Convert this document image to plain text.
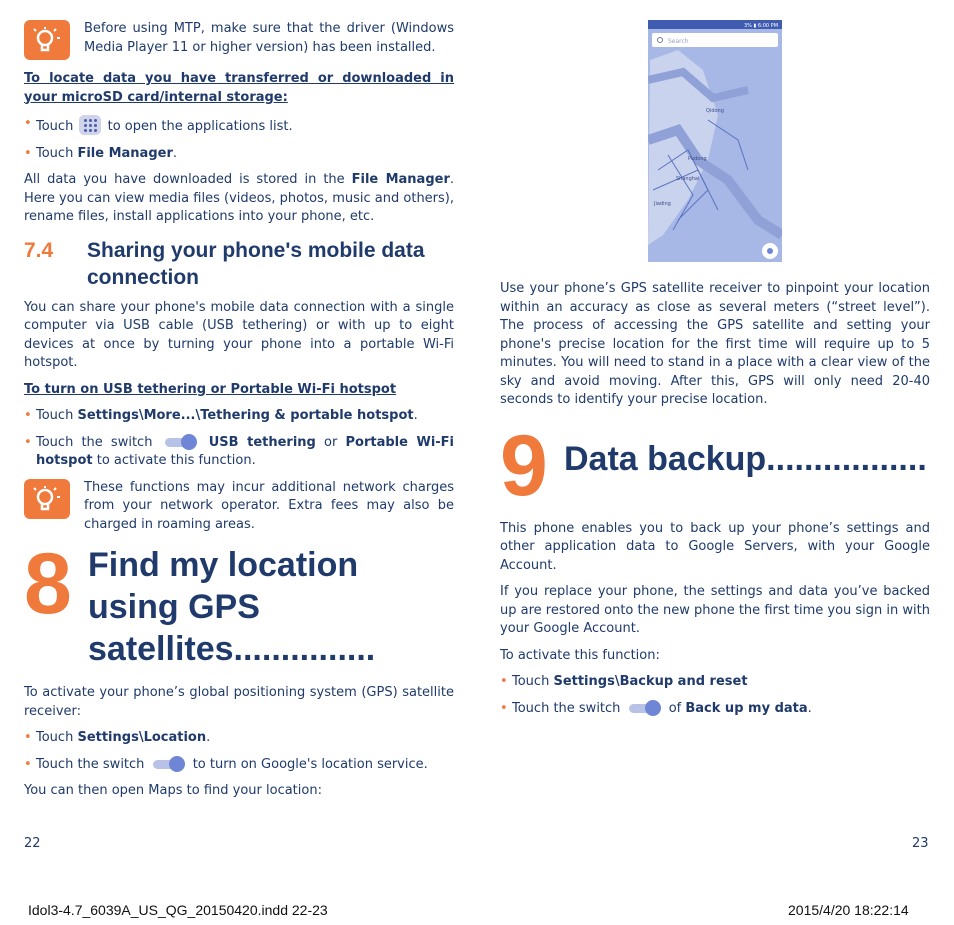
Before using MTP, make sure that the driver (Windows Media Player 11 or higher version) has been installed.
To locate data you have transferred or downloaded in your microSD card/internal storage:
• Touch	to open the applications list.
• Touch File Manager.

All data you have downloaded is stored in the File Manager. Here you can view media files (videos, photos, music and others), rename files, install applications into your phone, etc.

7.4	Sharing your phone's mobile data connection

You can share your phone's mobile data connection with a single computer via USB cable (USB tethering) or with up to eight devices at once by turning your phone into a portable Wi-Fi hotspot.

To turn on USB tethering or Portable Wi-Fi hotspot
• Touch Settings\More...\Tethering & portable hotspot.
• Touch the switch	USB tethering or Portable Wi-Fi hotspot to activate this function.
These functions may incur additional network charges from your network operator. Extra fees may also be charged in roaming areas.
8 Find my location using GPS satellites...............

To activate your phone’s global positioning system (GPS) satellite receiver:

• Touch Settings\Location.
• Touch the switch	to turn on Google's location service.

You can then open Maps to find your location:

3% ▮ 6:00 PM
Search
Qidong
Shanghai
Pudong
Jiading

Use your phone’s GPS satellite receiver to pinpoint your location within an accuracy as close as several meters (“street level”). The process of accessing the GPS satellite and setting your phone's precise location for the first time will require up to 5 minutes. You will need to stand in a place with a clear view of the sky and avoid moving. After this, GPS will only need 20-40 seconds to identify your precise location.

9 Data backup.................

This phone enables you to back up your phone’s settings and other application data to Google Servers, with your Google Account.

If you replace your phone, the settings and data you’ve backed up are restored onto the new phone the first time you sign in with your Google Account.

To activate this function:

• Touch Settings\Backup and reset
• Touch the switch	of Back up my data.
22	23
Idol3-4.7_6039A_US_QG_20150420.indd 22-23	2015/4/20 18:22:14
